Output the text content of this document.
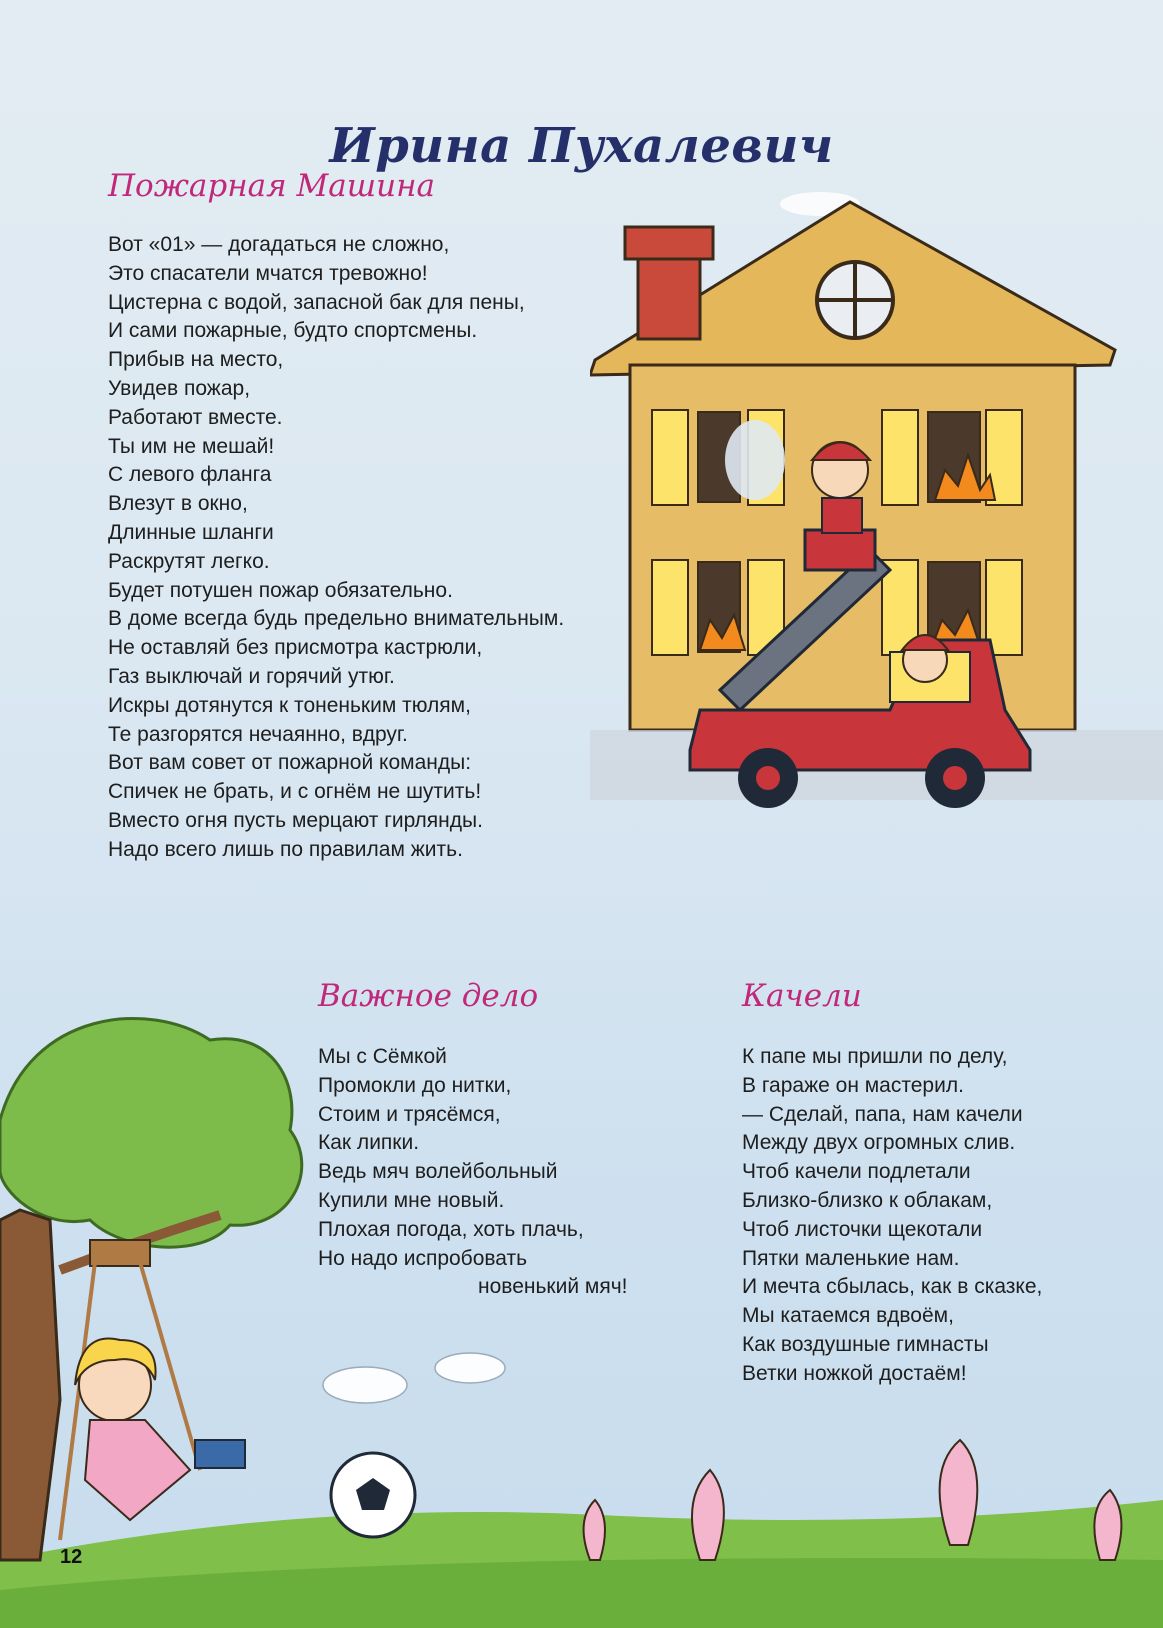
Ирина Пухалевич
Пожарная Машина
Вот «01» — догадаться не сложно,
Это спасатели мчатся тревожно!
Цистерна с водой, запасной бак для пены,
И сами пожарные, будто спортсмены.
Прибыв на место,
Увидев пожар,
Работают вместе.
Ты им не мешай!
С левого фланга
Влезут в окно,
Длинные шланги
Раскрутят легко.
Будет потушен пожар обязательно.
В доме всегда будь предельно внимательным.
Не оставляй без присмотра кастрюли,
Газ выключай и горячий утюг.
Искры дотянутся к тоненьким тюлям,
Те разгорятся нечаянно, вдруг.
Вот вам совет от пожарной команды:
Спичек не брать, и с огнём не шутить!
Вместо огня пусть мерцают гирлянды.
Надо всего лишь по правилам жить.
Важное дело
Мы с Сёмкой
Промокли до нитки,
Стоим и трясёмся,
Как липки.
Ведь мяч волейбольный
Купили мне новый.
Плохая погода, хоть плачь,
Но надо испробовать
новенький мяч!
Качели
К папе мы пришли по делу,
В гараже он мастерил.
— Сделай, папа, нам качели
Между двух огромных слив.
Чтоб качели подлетали
Близко-близко к облакам,
Чтоб листочки щекотали
Пятки маленькие нам.
И мечта сбылась, как в сказке,
Мы катаемся вдвоём,
Как воздушные гимнасты
Ветки ножкой достаём!
12
